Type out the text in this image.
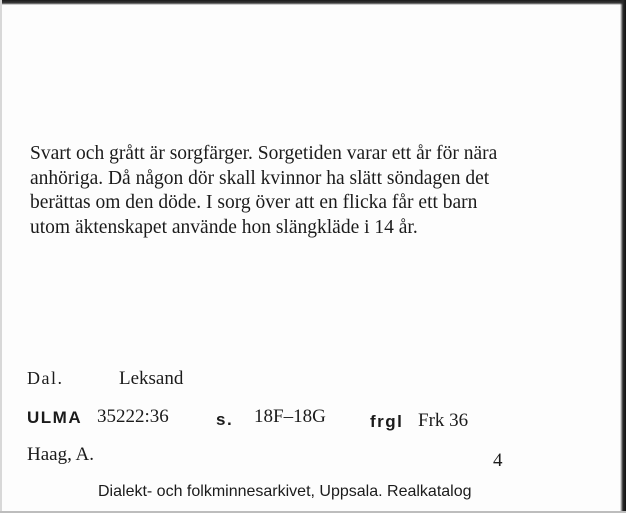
Svart och grått är sorgfärger. Sorgetiden varar ett år för nära
anhöriga. Då någon dör skall kvinnor ha slätt söndagen det
berättas om den döde. I sorg över att en flicka får ett barn
utom äktenskapet använde hon slängkläde i 14 år.

Dal.	Leksand
ULMA 35222:36	s. 18F–18G	frgl Frk 36
Haag, A.	4
Dialekt- och folkminnesarkivet, Uppsala. Realkatalog
